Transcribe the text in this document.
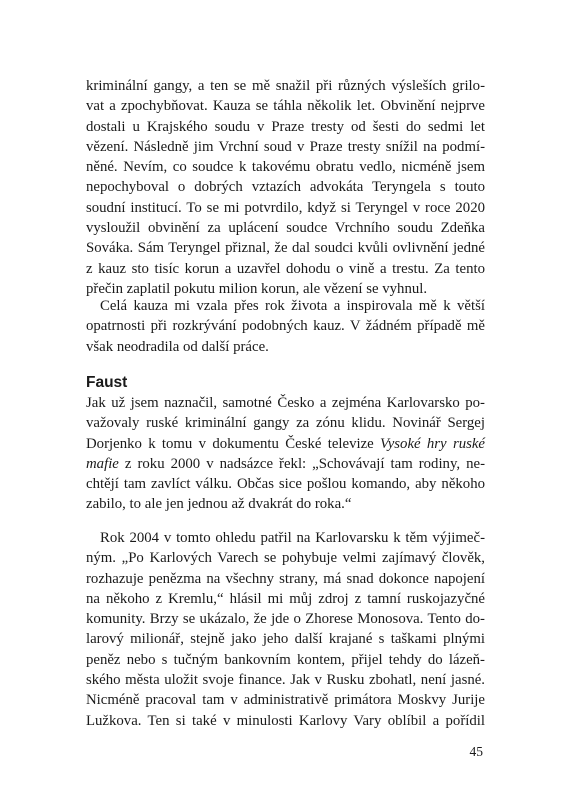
kriminální gangy, a ten se mě snažil při různých výsleších grilo-
vat a zpochybňovat. Kauza se táhla několik let. Obvinění nejprve
dostali u Krajského soudu v Praze tresty od šesti do sedmi let
vězení. Následně jim Vrchní soud v Praze tresty snížil na podmí-
něné. Nevím, co soudce k takovému obratu vedlo, nicméně jsem
nepochyboval o dobrých vztazích advokáta Teryngela s touto
soudní institucí. To se mi potvrdilo, když si Teryngel v roce 2020
vysloužil obvinění za uplácení soudce Vrchního soudu Zdeňka
Sováka. Sám Teryngel přiznal, že dal soudci kvůli ovlivnění jedné
z kauz sto tisíc korun a uzavřel dohodu o vině a trestu. Za tento
přečin zaplatil pokutu milion korun, ale vězení se vyhnul.

Celá kauza mi vzala přes rok života a inspirovala mě k větší
opatrnosti při rozkrývání podobných kauz. V žádném případě mě
však neodradila od další práce.

Faust

Jak už jsem naznačil, samotné Česko a zejména Karlovarsko po-
važovaly ruské kriminální gangy za zónu klidu. Novinář Sergej
Dorjenko k tomu v dokumentu České televize Vysoké hry ruské
mafie z roku 2000 v nadsázce řekl: „Schovávají tam rodiny, ne-
chtějí tam zavlíct válku. Občas sice pošlou komando, aby někoho
zabilo, to ale jen jednou až dvakrát do roka.“

Rok 2004 v tomto ohledu patřil na Karlovarsku k těm výjimeč-
ným. „Po Karlových Varech se pohybuje velmi zajímavý člověk,
rozhazuje penězma na všechny strany, má snad dokonce napojení
na někoho z Kremlu,“ hlásil mi můj zdroj z tamní ruskojazyčné
komunity. Brzy se ukázalo, že jde o Zhorese Monosova. Tento do-
larový milionář, stejně jako jeho další krajané s taškami plnými
peněz nebo s tučným bankovním kontem, přijel tehdy do lázeň-
ského města uložit svoje finance. Jak v Rusku zbohatl, není jasné.
Nicméně pracoval tam v administrativě primátora Moskvy Jurije
Lužkova. Ten si také v minulosti Karlovy Vary oblíbil a pořídil

45
